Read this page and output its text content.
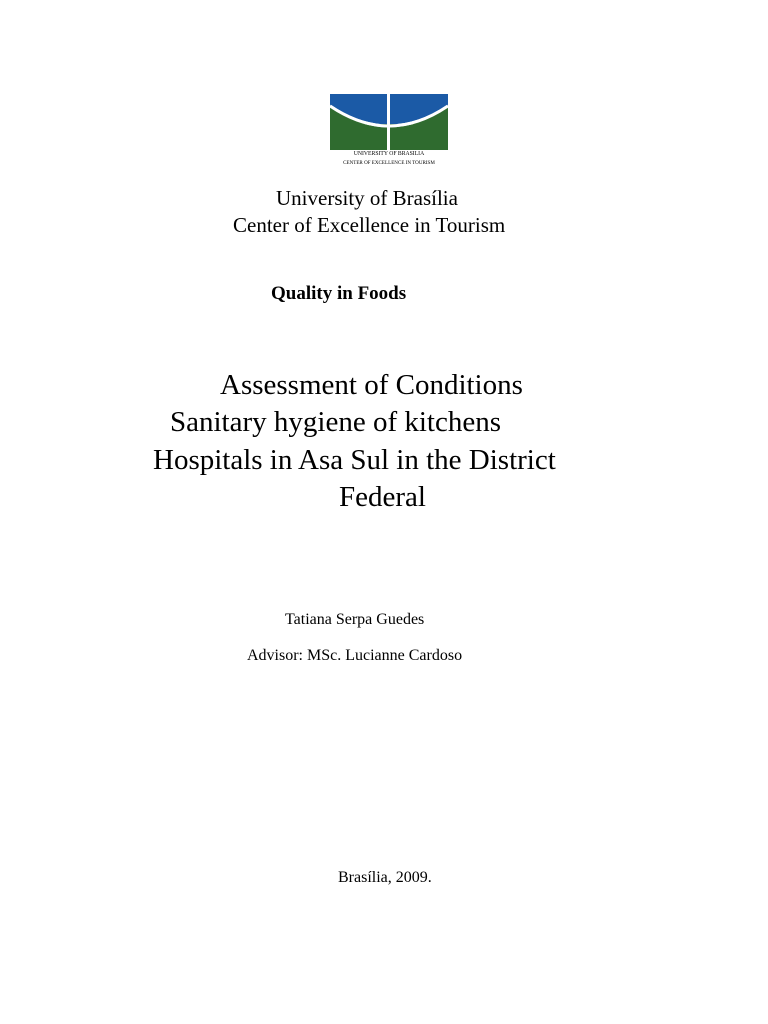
UNIVERSITY OF BRASILIA
CENTER OF EXCELLENCE IN TOURISM
University of Brasília
Center of Excellence in Tourism
Quality in Foods
Assessment of Conditions
Sanitary hygiene of kitchens
Hospitals in Asa Sul in the District
Federal
Tatiana Serpa Guedes
Advisor: MSc. Lucianne Cardoso
Brasília, 2009.
